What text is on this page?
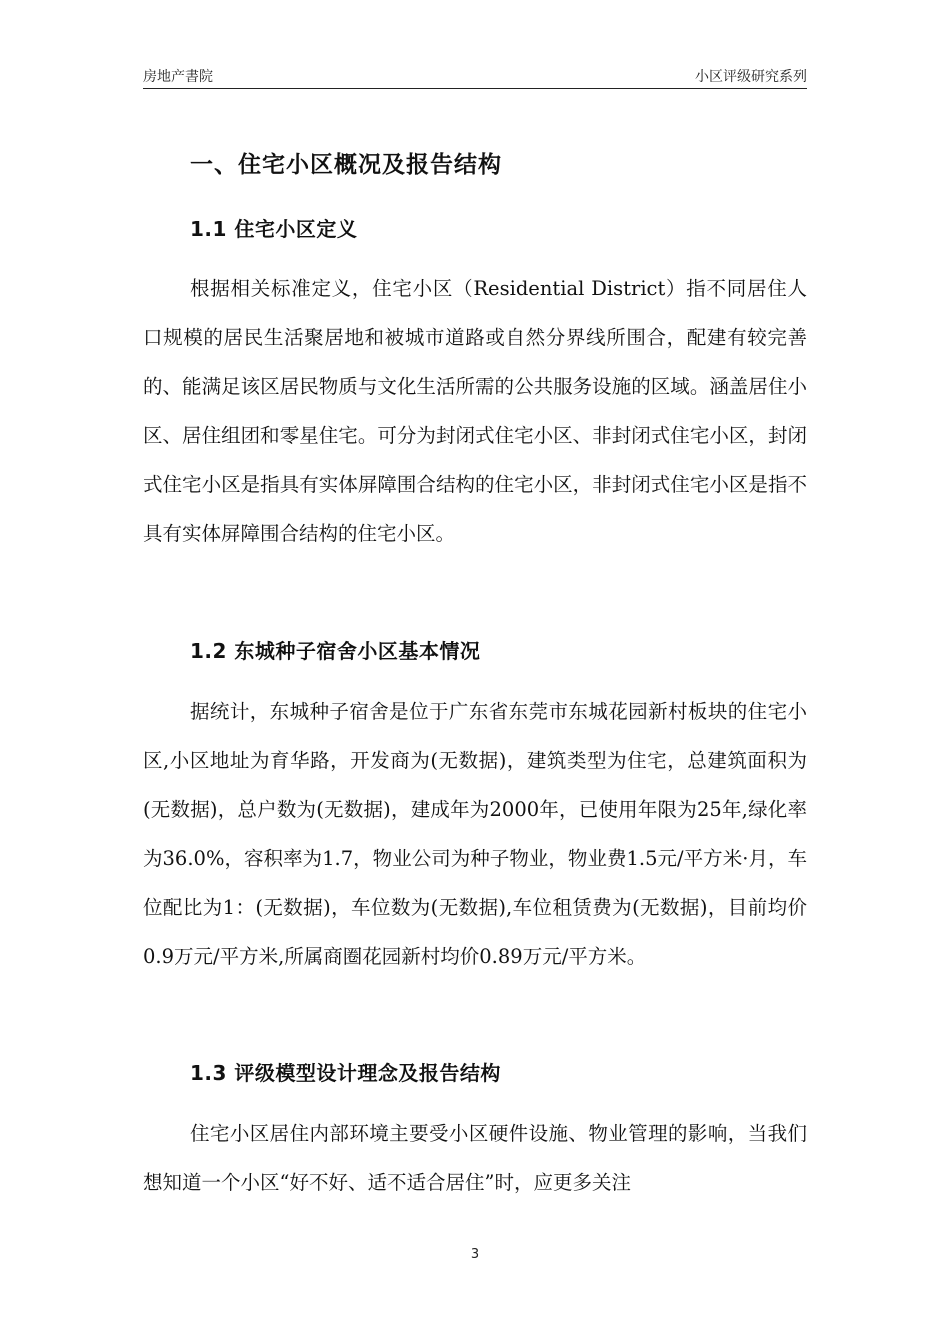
房地产書院	小区评级研究系列
一、住宅小区概况及报告结构
1.1 住宅小区定义

根据相关标准定义，住宅小区（Residential District）指不同居住人口规模的居民生活聚居地和被城市道路或自然分界线所围合，配建有较完善的、能满足该区居民物质与文化生活所需的公共服务设施的区域。涵盖居住小区、居住组团和零星住宅。可分为封闭式住宅小区、非封闭式住宅小区，封闭式住宅小区是指具有实体屏障围合结构的住宅小区，非封闭式住宅小区是指不具有实体屏障围合结构的住宅小区。

1.2 东城种子宿舍小区基本情况

据统计，东城种子宿舍是位于广东省东莞市东城花园新村板块的住宅小区,小区地址为育华路，开发商为(无数据)，建筑类型为住宅，总建筑面积为(无数据)，总户数为(无数据)，建成年为2000年，已使用年限为25年,绿化率为36.0%，容积率为1.7，物业公司为种子物业，物业费1.5元/平方米·月，车位配比为1：(无数据)，车位数为(无数据),车位租赁费为(无数据)，目前均价0.9万元/平方米,所属商圈花园新村均价0.89万元/平方米。

1.3 评级模型设计理念及报告结构

住宅小区居住内部环境主要受小区硬件设施、物业管理的影响，当我们想知道一个小区“好不好、适不适合居住”时，应更多关注

3
